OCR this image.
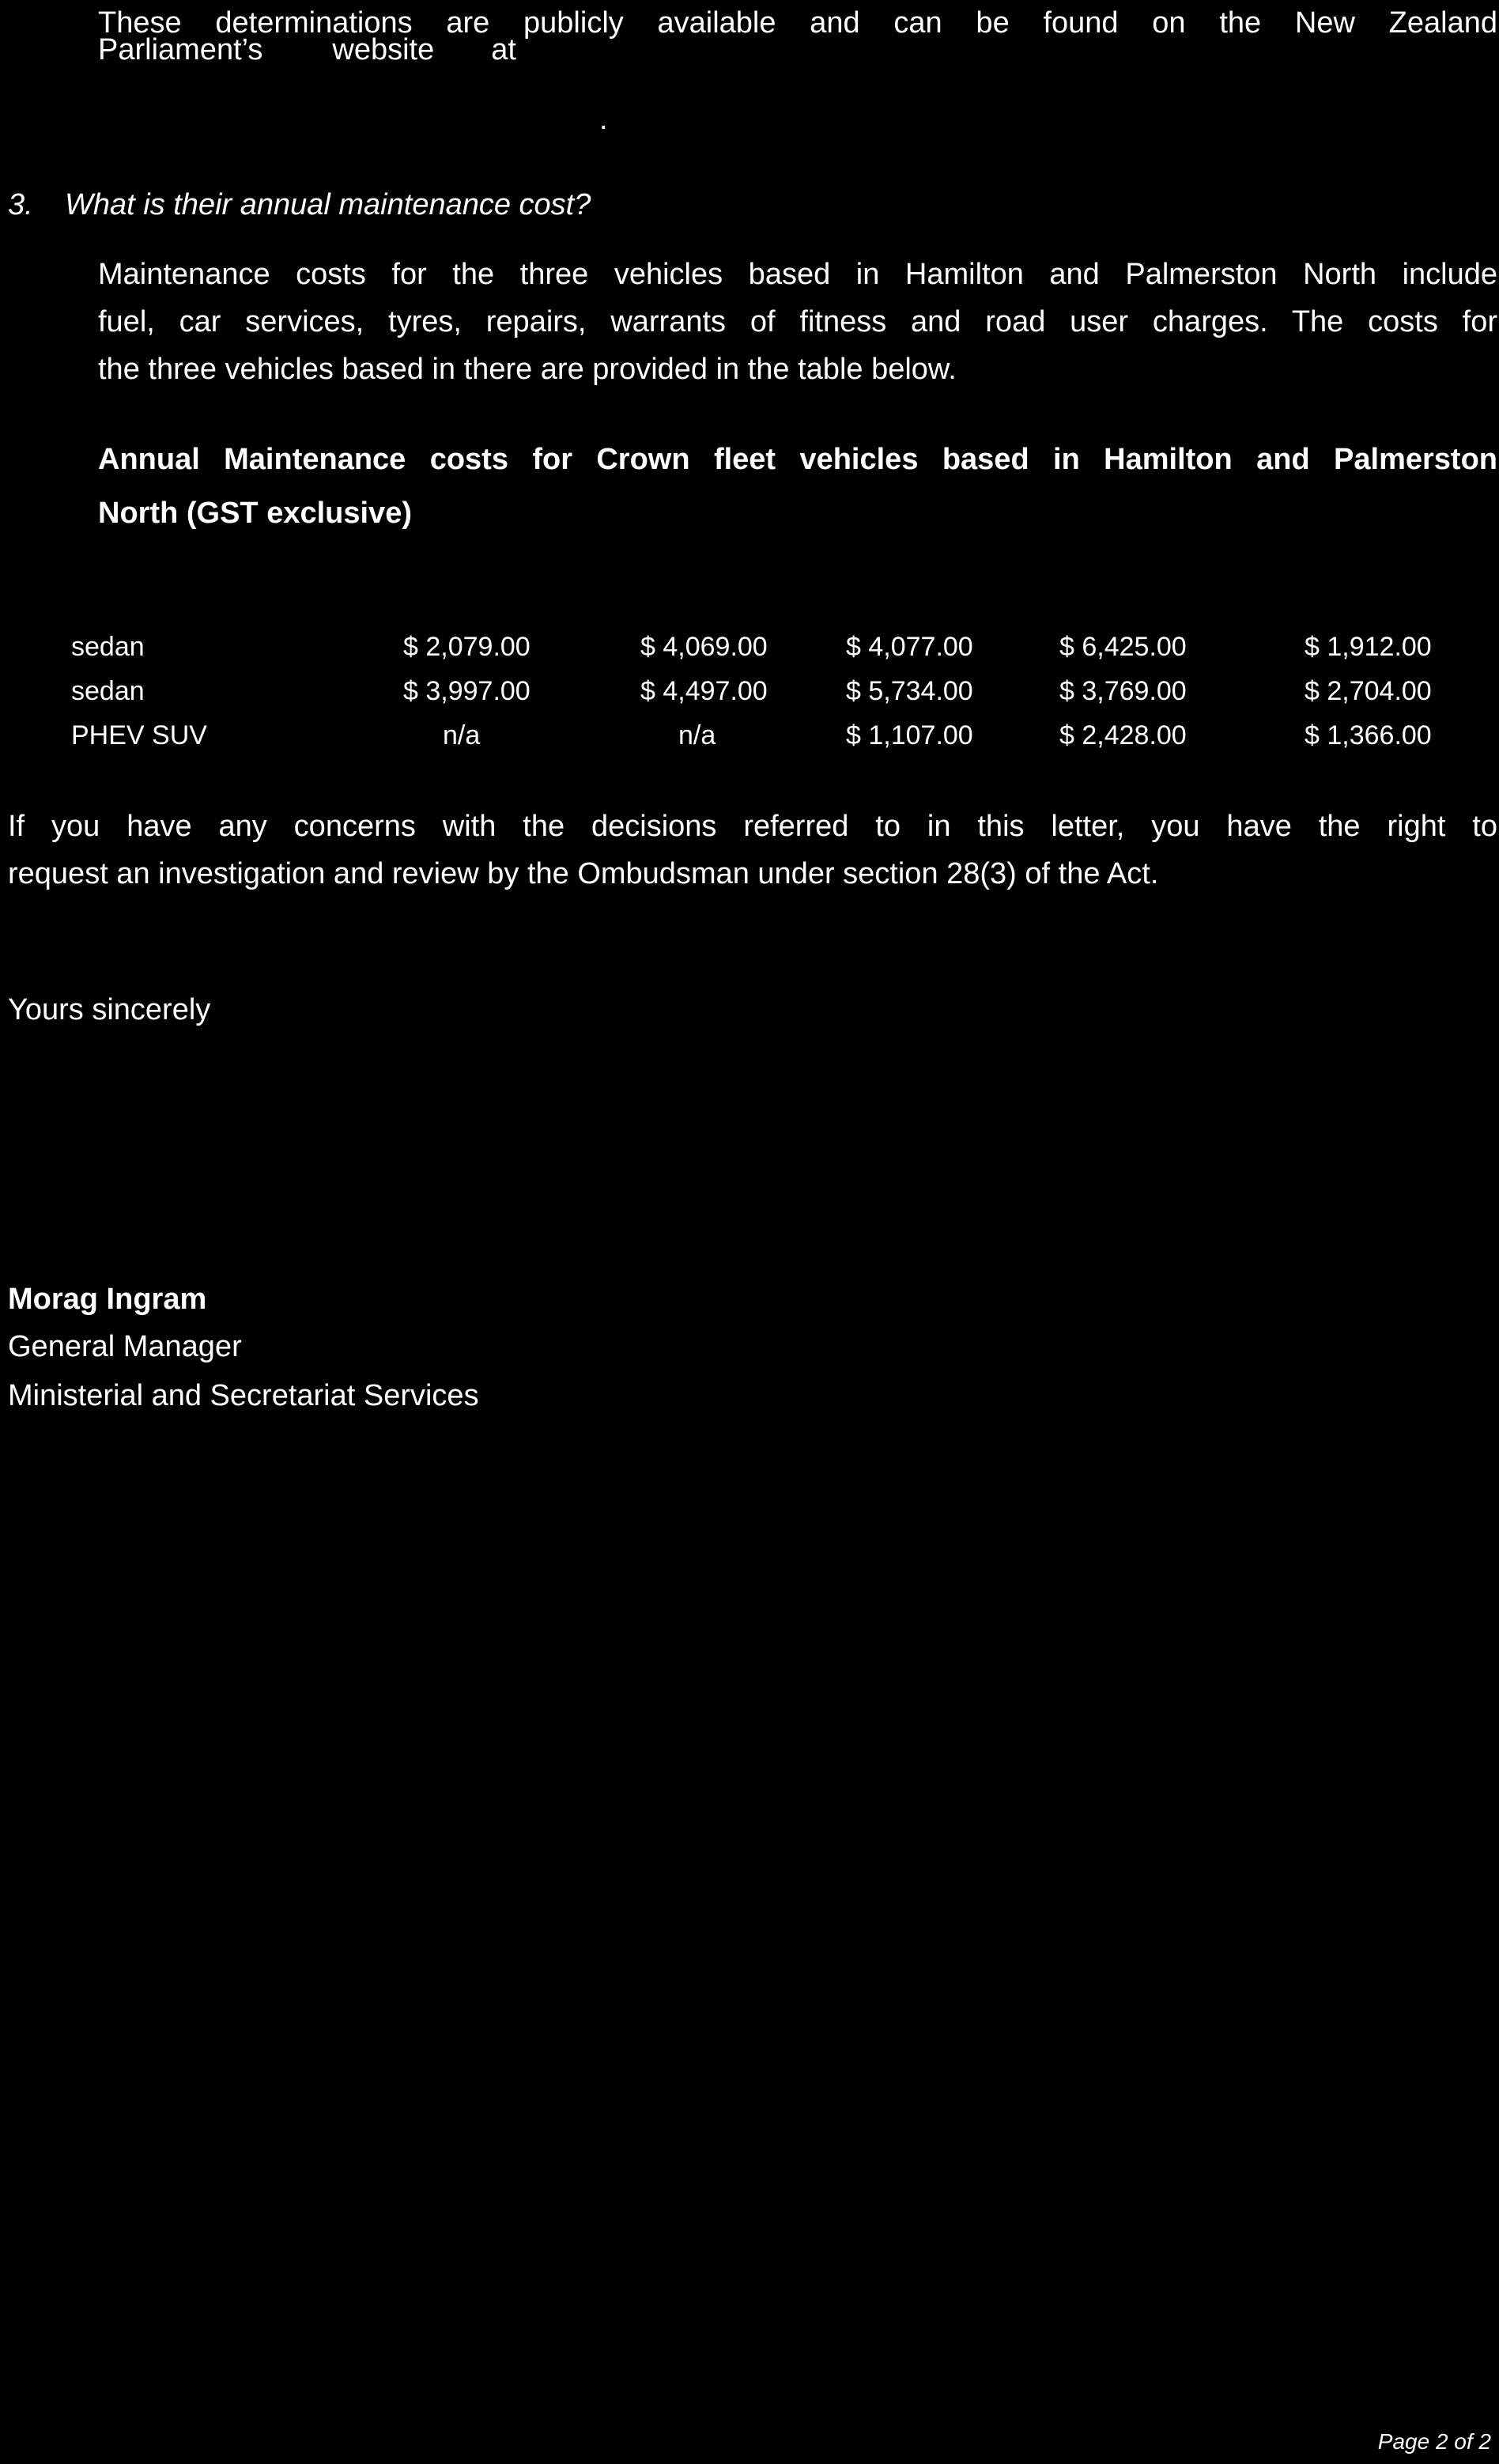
These determinations are publicly available and can be found on the New Zealand
Parliament’s website at
.
3. What is their annual maintenance cost?
Maintenance costs for the three vehicles based in Hamilton and Palmerston North include
fuel, car services, tyres, repairs, warrants of fitness and road user charges. The costs for
the three vehicles based in there are provided in the table below.
Annual Maintenance costs for Crown fleet vehicles based in Hamilton and Palmerston
North (GST exclusive)
sedan	$ 2,079.00	$ 4,069.00	$ 4,077.00	$ 6,425.00	$ 1,912.00
sedan	$ 3,997.00	$ 4,497.00	$ 5,734.00	$ 3,769.00	$ 2,704.00
PHEV SUV	n/a	n/a	$ 1,107.00	$ 2,428.00	$ 1,366.00
If you have any concerns with the decisions referred to in this letter, you have the right to
request an investigation and review by the Ombudsman under section 28(3) of the Act.
Yours sincerely
Morag Ingram
General Manager
Ministerial and Secretariat Services
Page 2 of 2
